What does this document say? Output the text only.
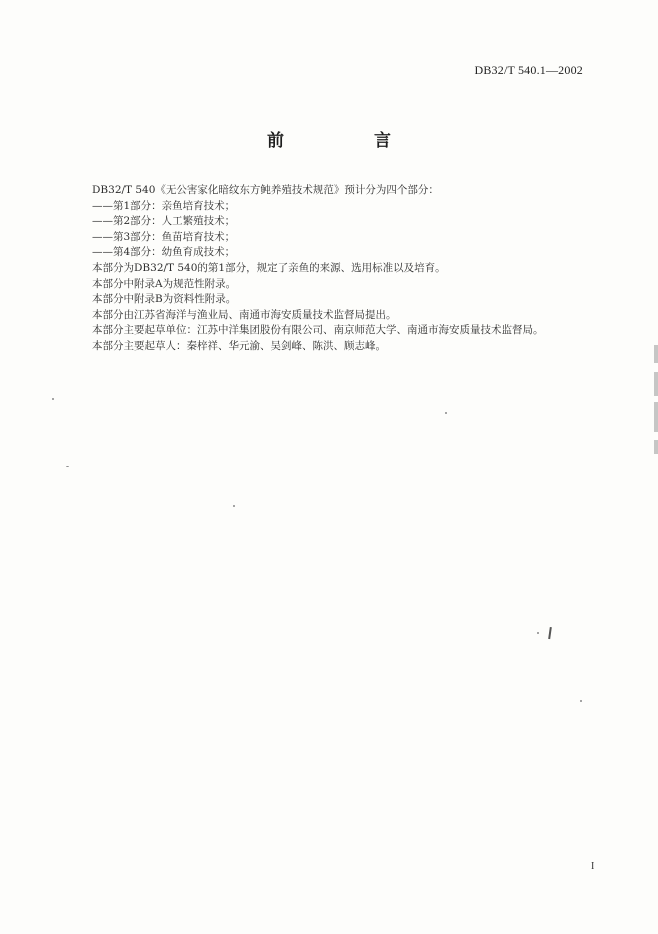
DB32/T 540.1—2002
前 言

DB32/T 540《无公害家化暗纹东方鲀养殖技术规范》预计分为四个部分：

——第1部分：亲鱼培育技术；

——第2部分：人工繁殖技术；

——第3部分：鱼苗培育技术；

——第4部分：幼鱼育成技术；

本部分为DB32/T 540的第1部分，规定了亲鱼的来源、选用标准以及培育。

本部分中附录A为规范性附录。

本部分中附录B为资料性附录。

本部分由江苏省海洋与渔业局、南通市海安质量技术监督局提出。

本部分主要起草单位：江苏中洋集团股份有限公司、南京师范大学、南通市海安质量技术监督局。

本部分主要起草人：秦梓祥、华元渝、吴剑峰、陈洪、顾志峰。

I
